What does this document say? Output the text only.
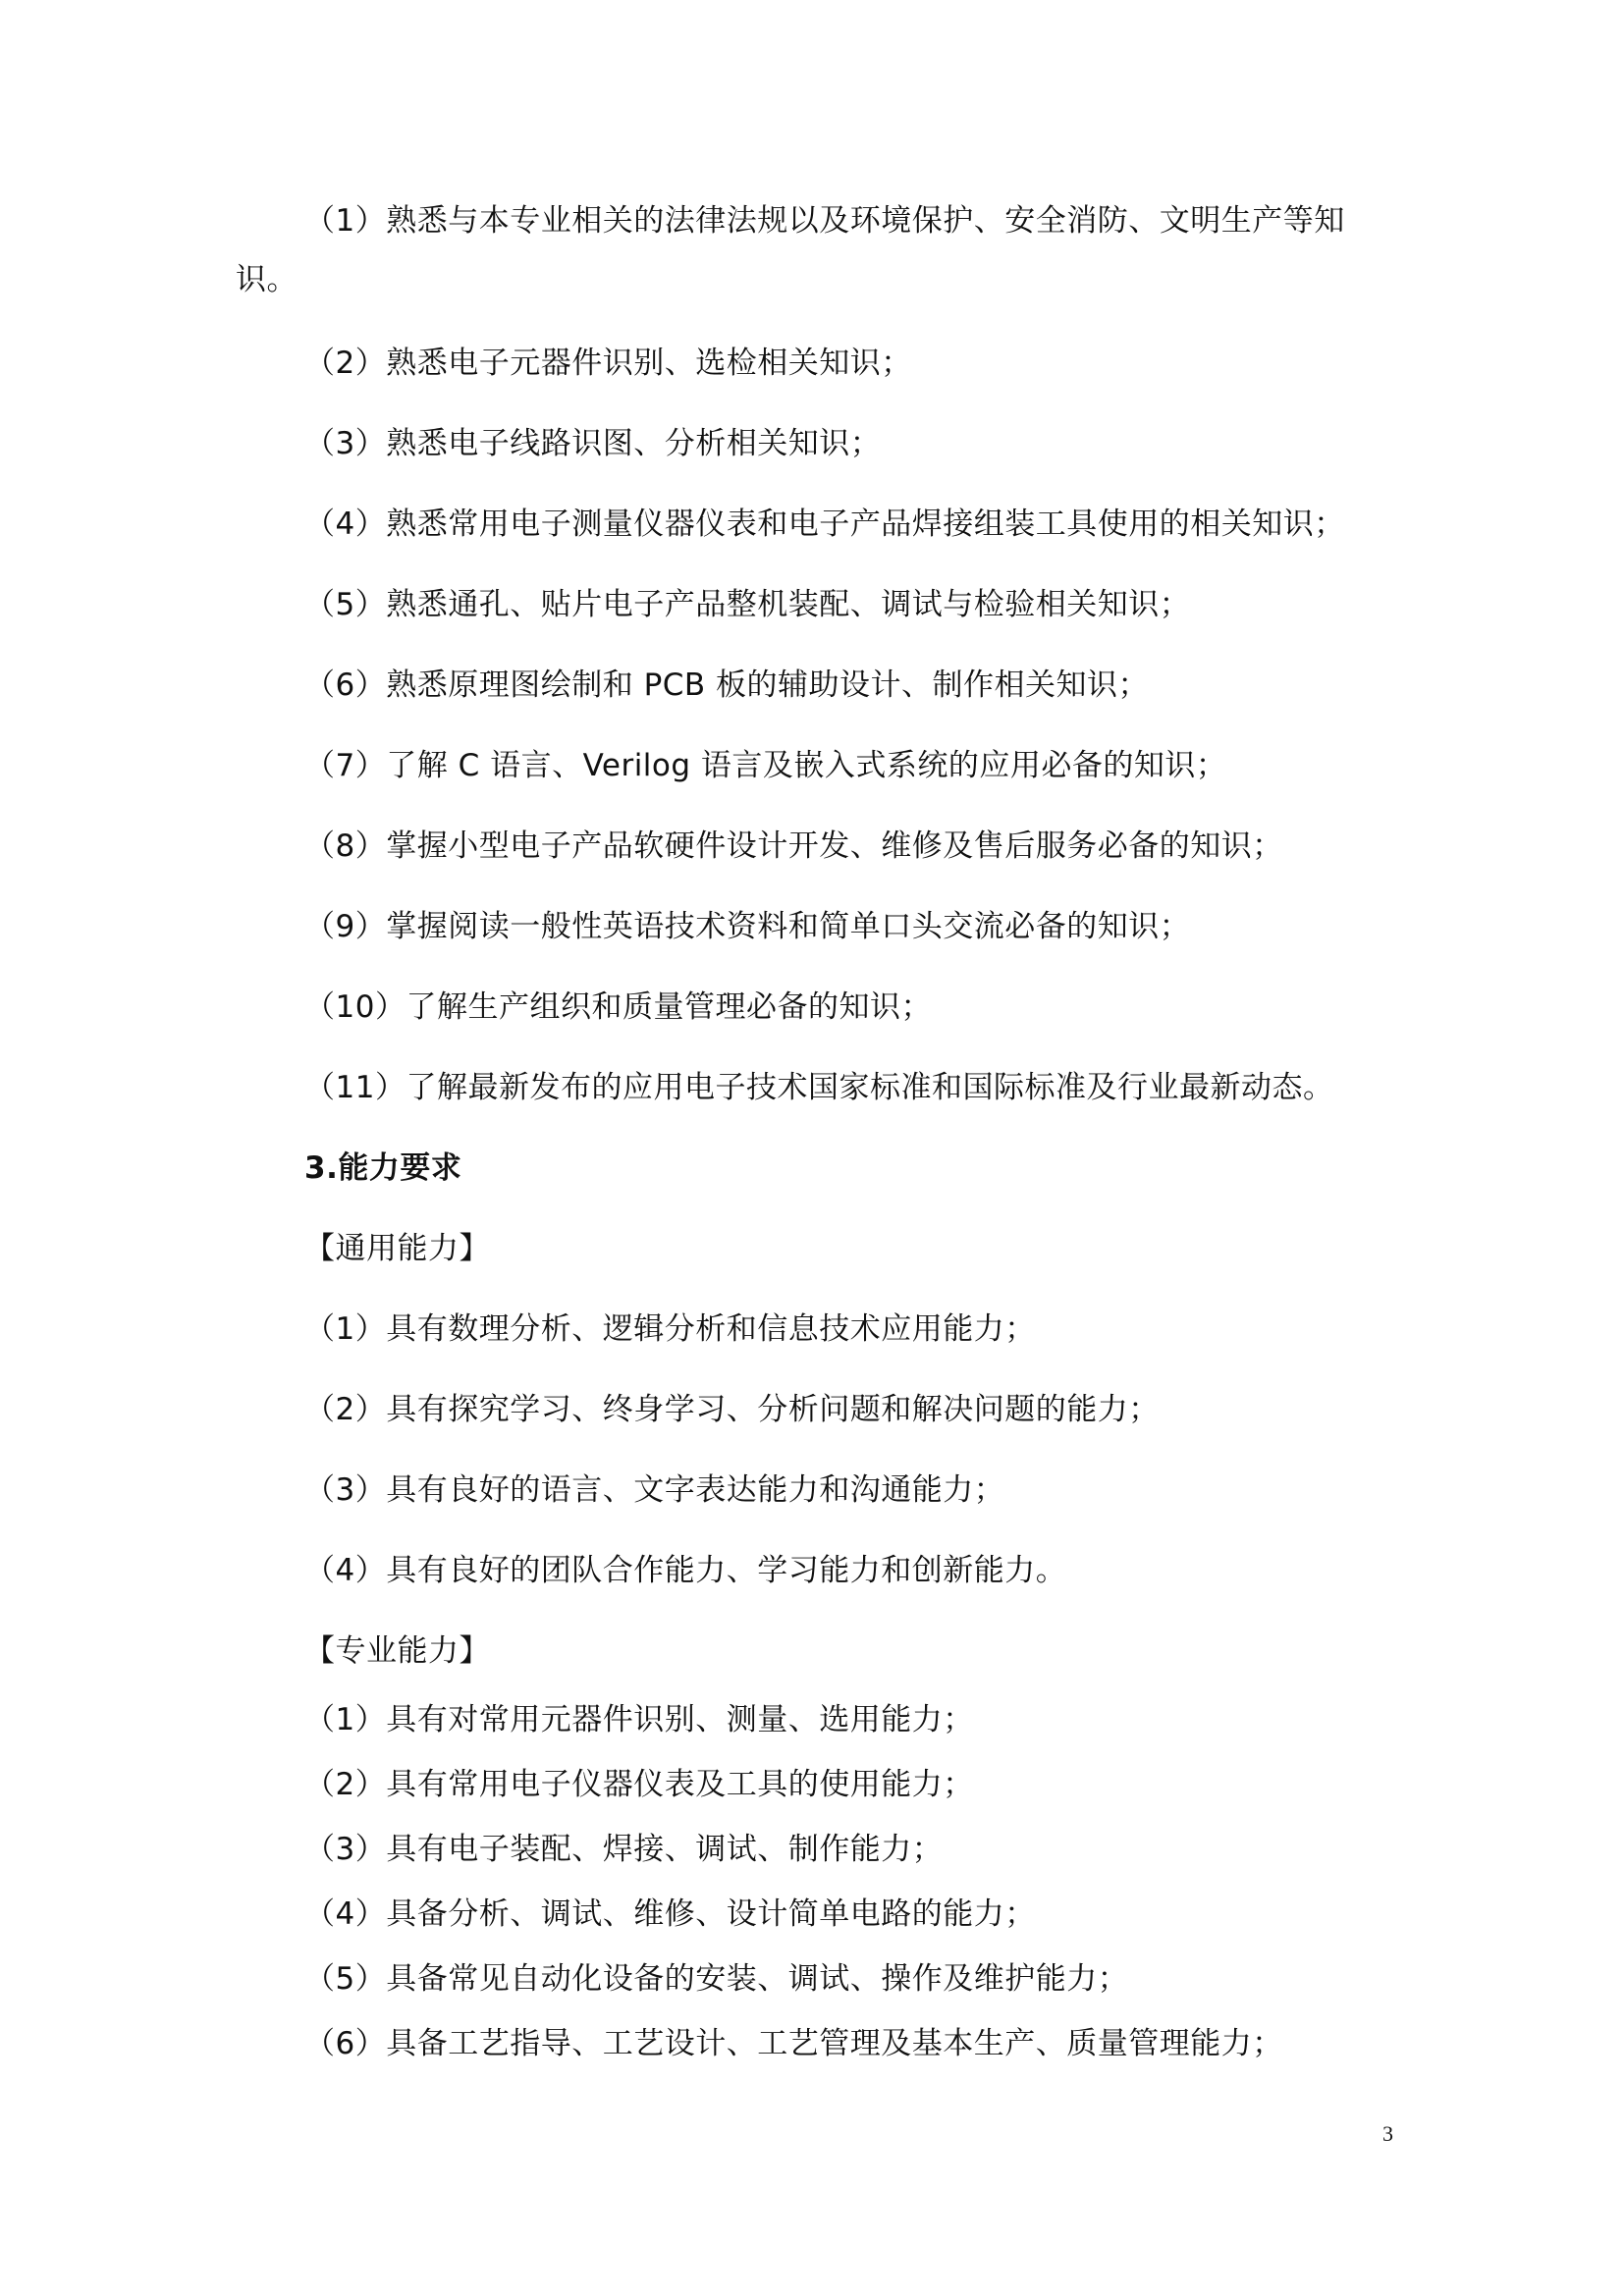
（1）熟悉与本专业相关的法律法规以及环境保护、安全消防、文明生产等知
识。
（2）熟悉电子元器件识别、选检相关知识；
（3）熟悉电子线路识图、分析相关知识；
（4）熟悉常用电子测量仪器仪表和电子产品焊接组装工具使用的相关知识；
（5）熟悉通孔、贴片电子产品整机装配、调试与检验相关知识；
（6）熟悉原理图绘制和 PCB 板的辅助设计、制作相关知识；
（7）了解 C 语言、Verilog 语言及嵌入式系统的应用必备的知识；
（8）掌握小型电子产品软硬件设计开发、维修及售后服务必备的知识；
（9）掌握阅读一般性英语技术资料和简单口头交流必备的知识；
（10）了解生产组织和质量管理必备的知识；
（11）了解最新发布的应用电子技术国家标准和国际标准及行业最新动态。
3.能力要求
【通用能力】
（1）具有数理分析、逻辑分析和信息技术应用能力；
（2）具有探究学习、终身学习、分析问题和解决问题的能力；
（3）具有良好的语言、文字表达能力和沟通能力；
（4）具有良好的团队合作能力、学习能力和创新能力。
【专业能力】
（1）具有对常用元器件识别、测量、选用能力；
（2）具有常用电子仪器仪表及工具的使用能力；
（3）具有电子装配、焊接、调试、制作能力；
（4）具备分析、调试、维修、设计简单电路的能力；
（5）具备常见自动化设备的安装、调试、操作及维护能力；
（6）具备工艺指导、工艺设计、工艺管理及基本生产、质量管理能力；
3
